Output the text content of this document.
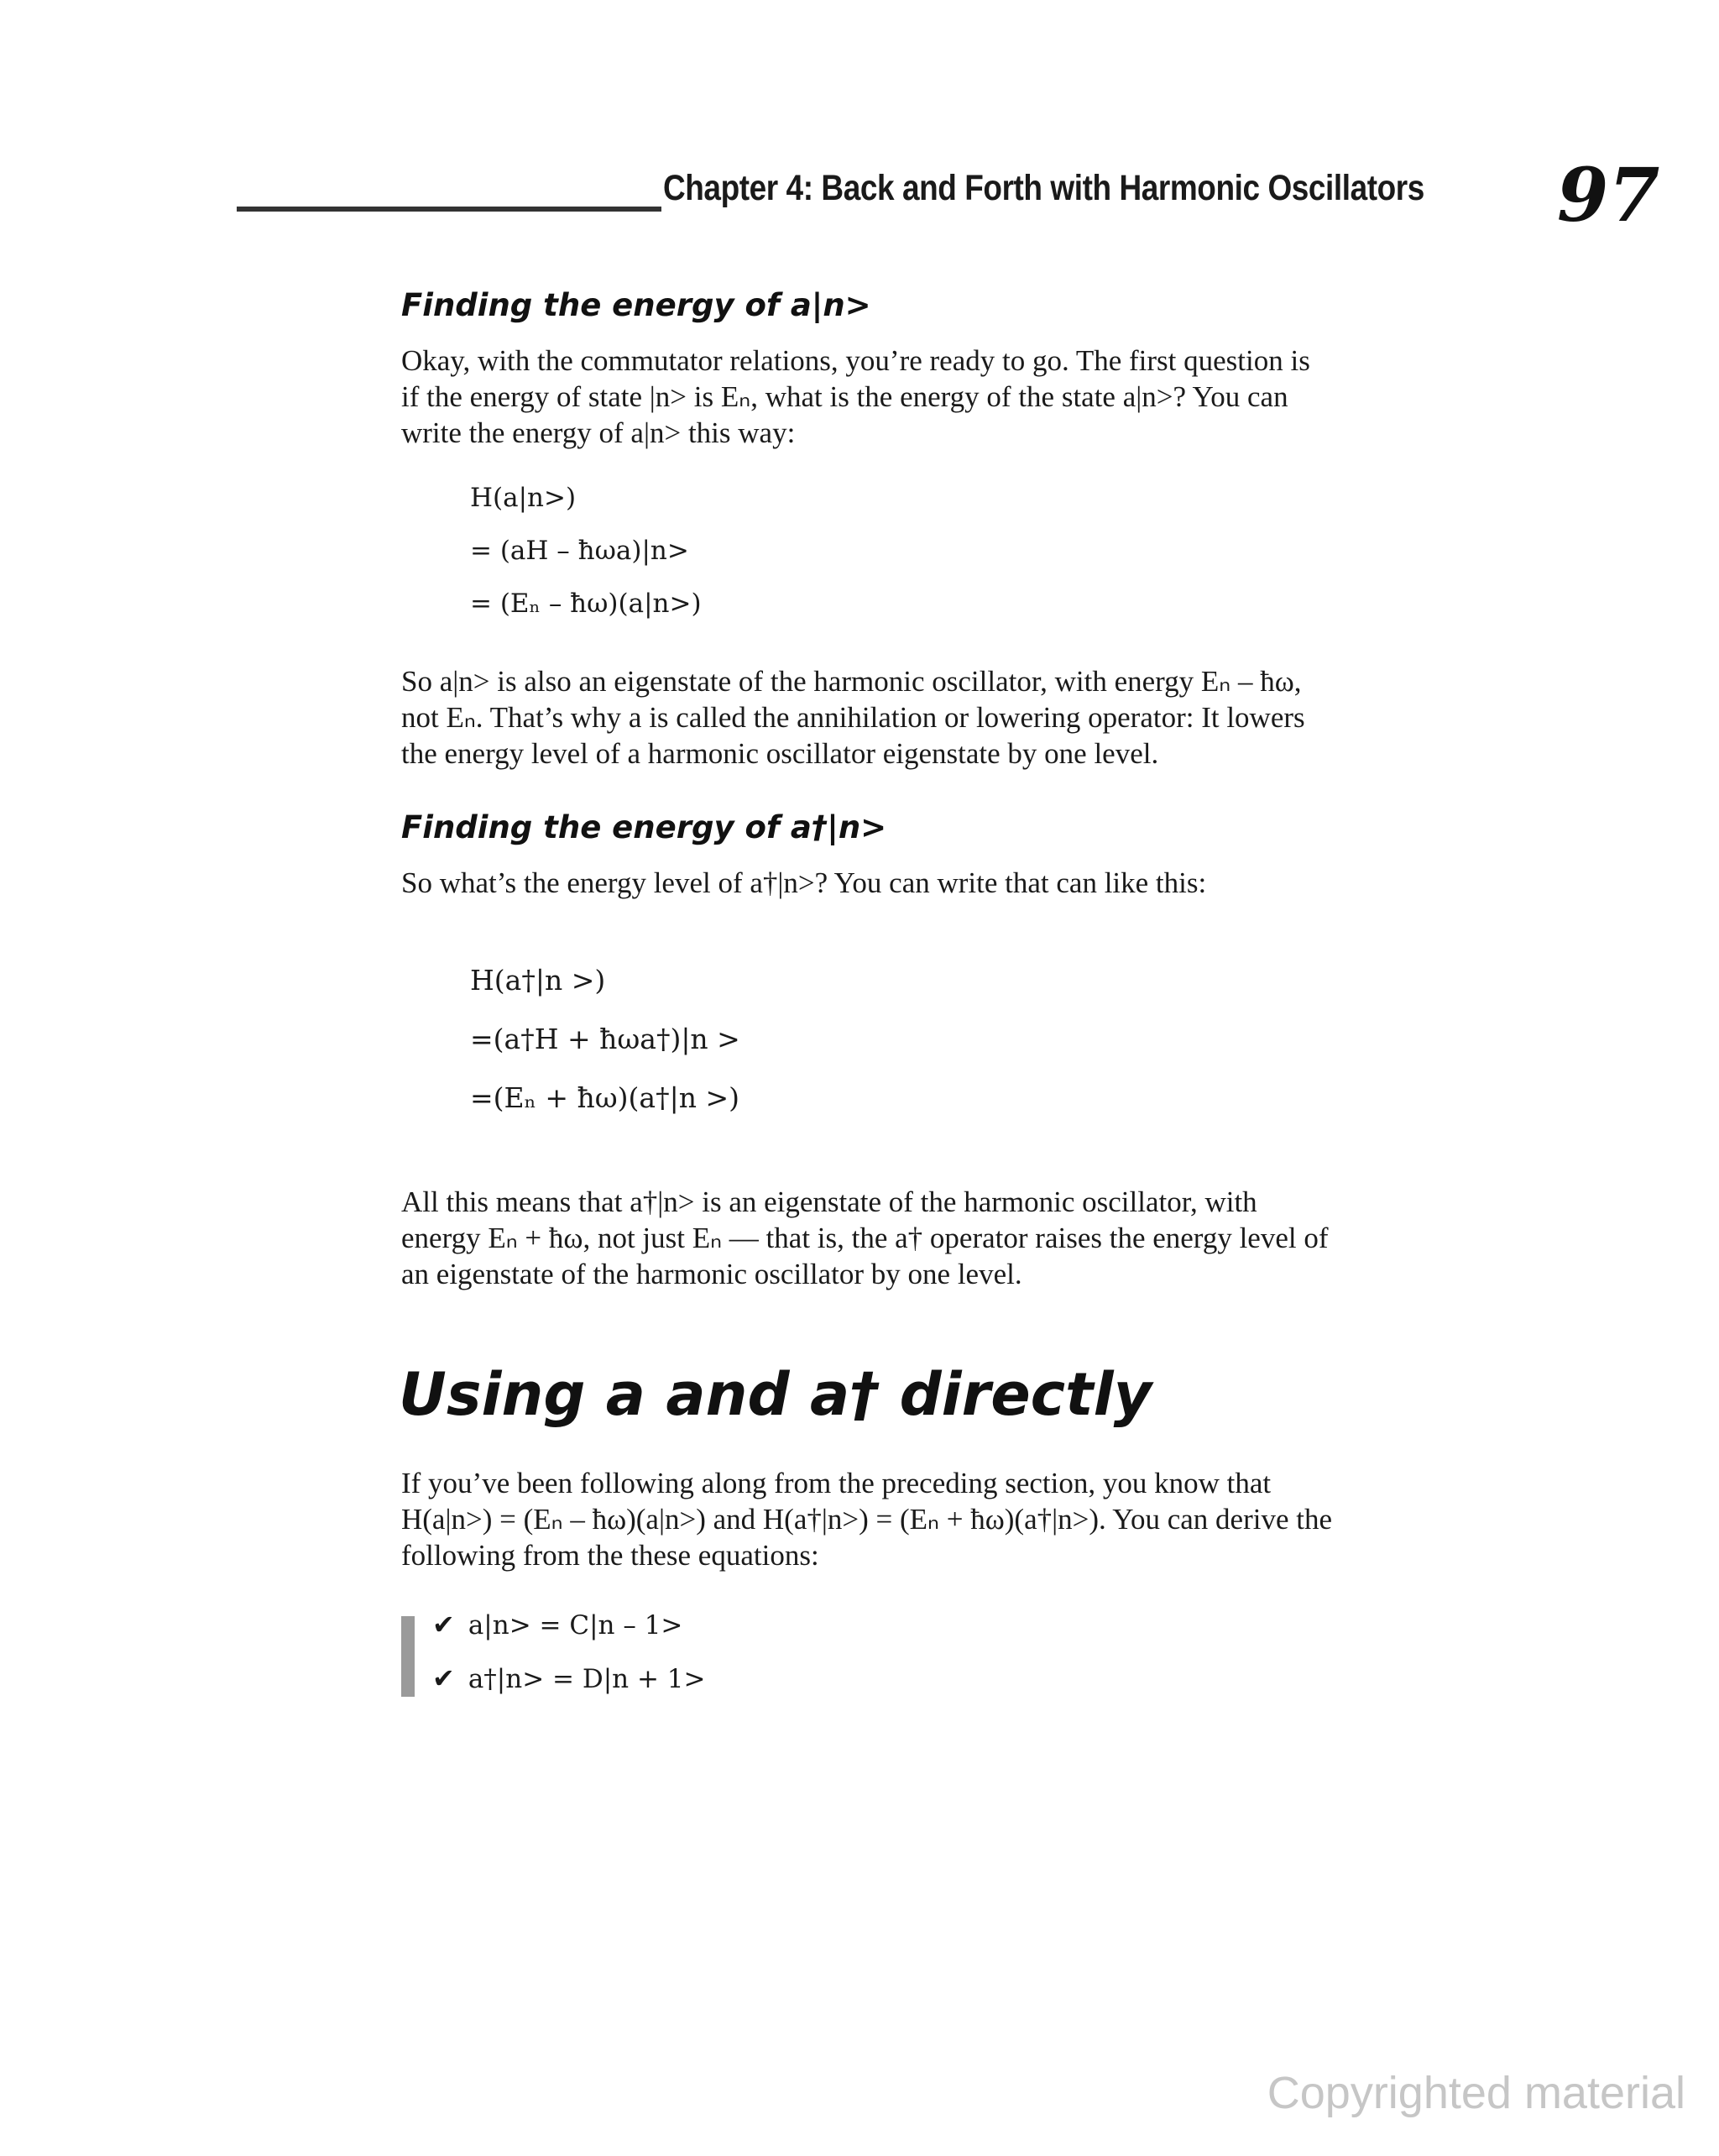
Chapter 4: Back and Forth with Harmonic Oscillators 97
Finding the energy of a|n>

Okay, with the commutator relations, you’re ready to go. The first question is

if the energy of state |n> is Eₙ, what is the energy of the state a|n>? You can

write the energy of a|n> this way:

H(a|n>)
= (aH – ħωa)|n>
= (Eₙ – ħω)(a|n>)

So a|n> is also an eigenstate of the harmonic oscillator, with energy Eₙ – ħω,

not Eₙ. That’s why a is called the annihilation or lowering operator: It lowers

the energy level of a harmonic oscillator eigenstate by one level.

Finding the energy of a†|n>

So what’s the energy level of a†|n>? You can write that can like this:

H(a†|n >)
=(a†H + ħωa†)|n >
=(Eₙ + ħω)(a†|n >)

All this means that a†|n> is an eigenstate of the harmonic oscillator, with

energy Eₙ + ħω, not just Eₙ — that is, the a† operator raises the energy level of

an eigenstate of the harmonic oscillator by one level.

Using a and a† directly

If you’ve been following along from the preceding section, you know that

H(a|n>) = (Eₙ – ħω)(a|n>) and H(a†|n>) = (Eₙ + ħω)(a†|n>). You can derive the

following from the these equations:

✔ a|n> = C|n – 1>
✔ a†|n> = D|n + 1>
Copyrighted material
